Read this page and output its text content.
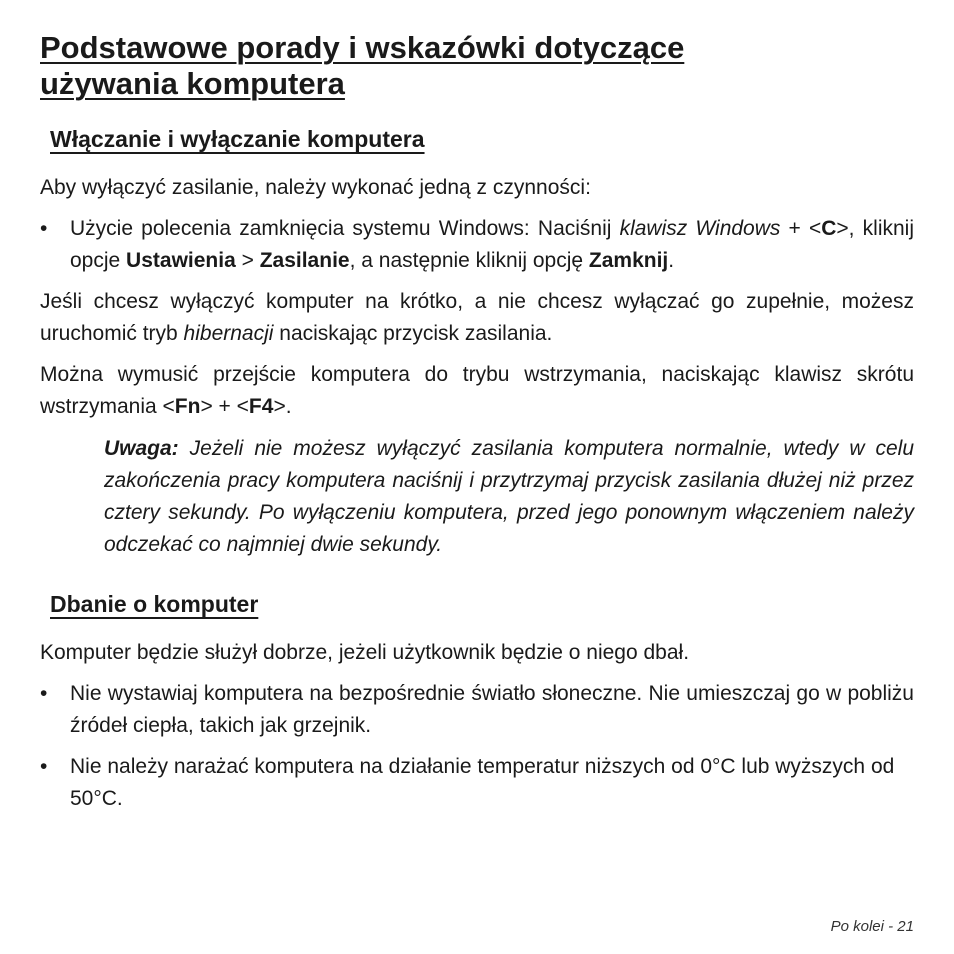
Podstawowe porady i wskazówki dotyczące
używania komputera
Włączanie i wyłączanie komputera

Aby wyłączyć zasilanie, należy wykonać jedną z czynności:

• Użycie polecenia zamknięcia systemu Windows: Naciśnij klawisz Windows + <C>, kliknij opcje Ustawienia > Zasilanie, a następnie kliknij opcję Zamknij.

Jeśli chcesz wyłączyć komputer na krótko, a nie chcesz wyłączać go zupełnie, możesz uruchomić tryb hibernacji naciskając przycisk zasilania.

Można wymusić przejście komputera do trybu wstrzymania, naciskając klawisz skrótu wstrzymania <Fn> + <F4>.

Uwaga: Jeżeli nie możesz wyłączyć zasilania komputera normalnie, wtedy w celu zakończenia pracy komputera naciśnij i przytrzymaj przycisk zasilania dłużej niż przez cztery sekundy. Po wyłączeniu komputera, przed jego ponownym włączeniem należy odczekać co najmniej dwie sekundy.

Dbanie o komputer

Komputer będzie służył dobrze, jeżeli użytkownik będzie o niego dbał.

• Nie wystawiaj komputera na bezpośrednie światło słoneczne. Nie umieszczaj go w pobliżu źródeł ciepła, takich jak grzejnik.
• Nie należy narażać komputera na działanie temperatur niższych od 0°C lub wyższych od 50°C.
Po kolei - 21
